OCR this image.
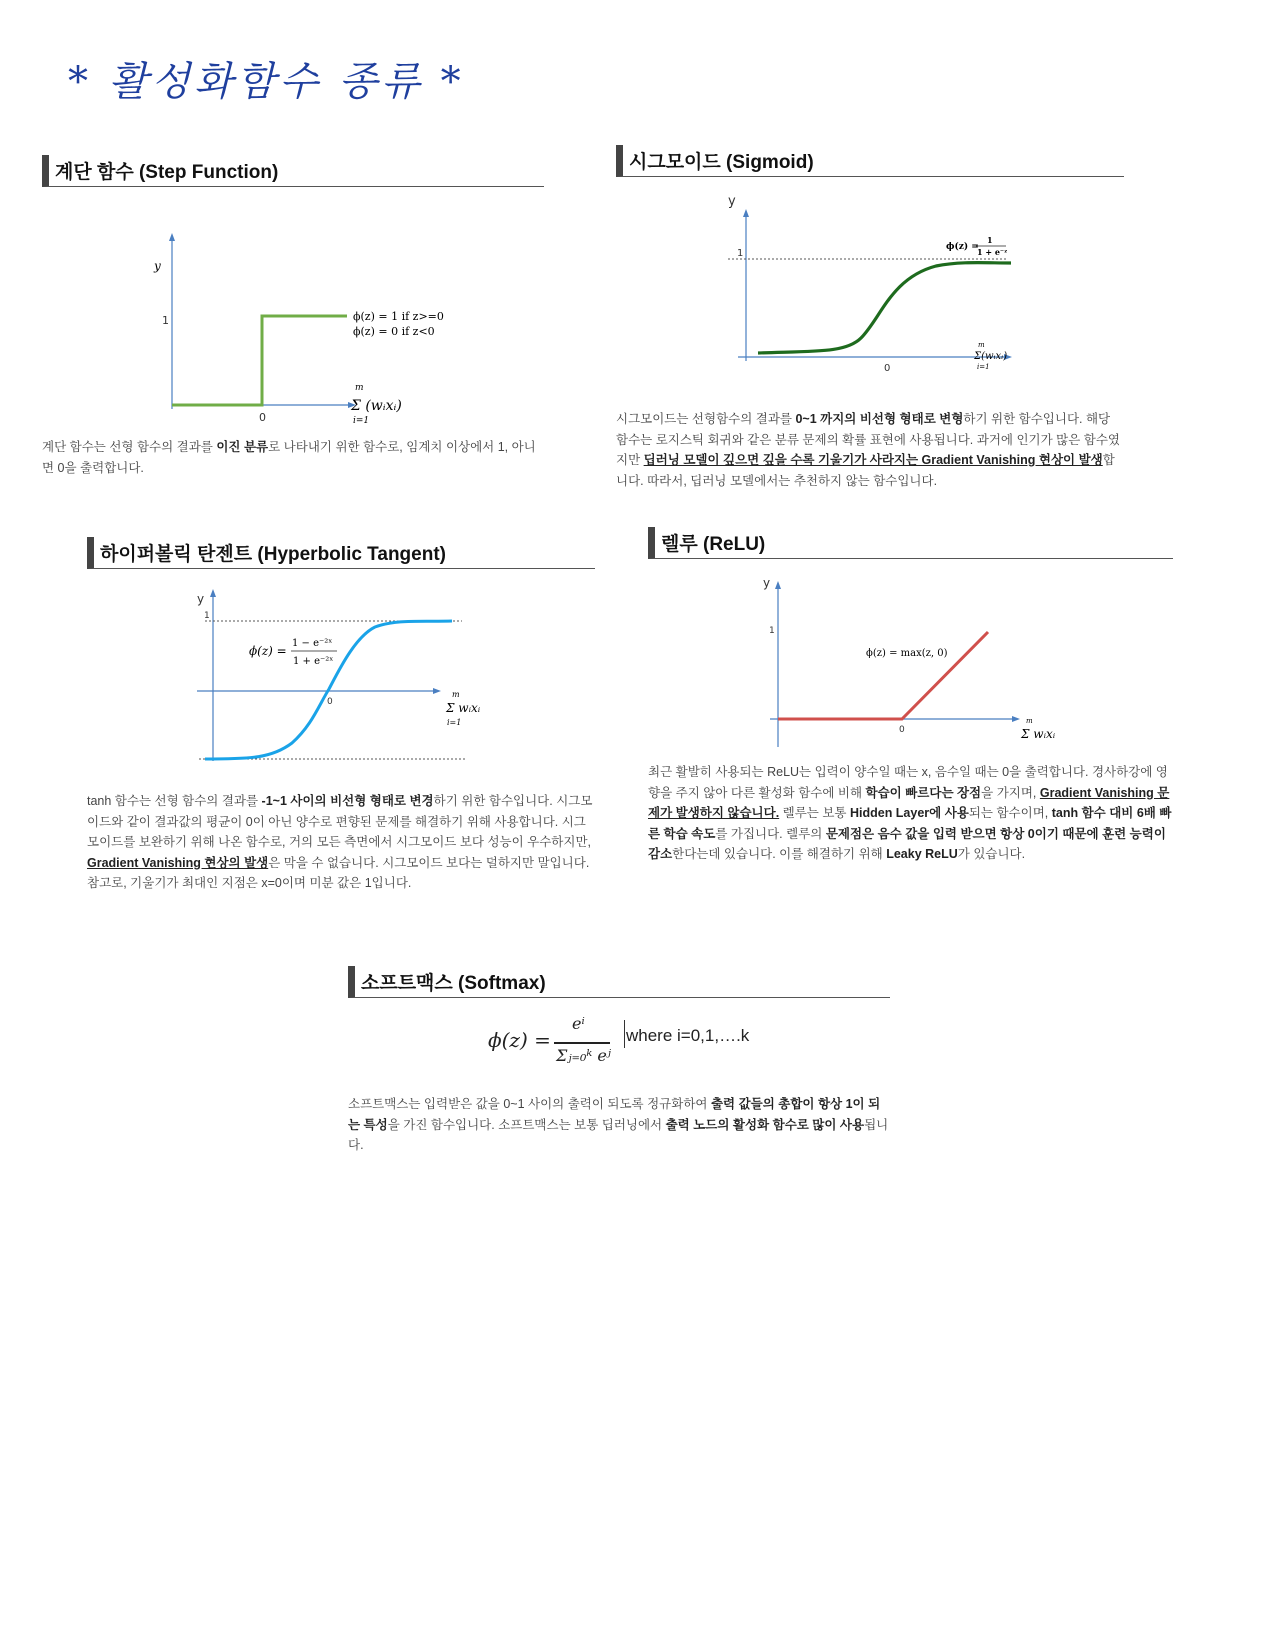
* 활성화함수 종류 *
계단 함수 (Step Function)
y
1
0
ϕ(z) = 1 if z>=0
ϕ(z) = 0 if z<0
m
Σ (wᵢxᵢ)
i=1

계단 함수는 선형 함수의 결과를 이진 분류로 나타내기 위한 함수로, 임계치 이상에서 1, 아니면 0을 출력합니다.

시그모이드 (Sigmoid)
y
1
0
ϕ(z) =
1
1 + e⁻ᶻ
m
Σ(wᵢxᵢ)
i=1

시그모이드는 선형함수의 결과를 0~1 까지의 비선형 형태로 변형하기 위한 함수입니다. 해당 함수는 로지스틱 회귀와 같은 분류 문제의 확률 표현에 사용됩니다. 과거에 인기가 많은 함수였지만 딥러닝 모델이 깊으면 깊을 수록 기울기가 사라지는 Gradient Vanishing 현상이 발생합니다. 따라서, 딥러닝 모델에서는 추천하지 않는 함수입니다.

하이퍼볼릭 탄젠트 (Hyperbolic Tangent)
y
1
0
ϕ(z) =
1 − e⁻²ˣ
1 + e⁻²ˣ
m
Σ wᵢxᵢ
i=1

tanh 함수는 선형 함수의 결과를 -1~1 사이의 비선형 형태로 변경하기 위한 함수입니다. 시그모이드와 같이 결과값의 평균이 0이 아닌 양수로 편향된 문제를 해결하기 위해 사용합니다. 시그모이드를 보완하기 위해 나온 함수로, 거의 모든 측면에서 시그모이드 보다 성능이 우수하지만, Gradient Vanishing 현상의 발생은 막을 수 없습니다. 시그모이드 보다는 덜하지만 말입니다. 참고로, 기울기가 최대인 지점은 x=0이며 미분 값은 1입니다.

렐루 (ReLU)
y
1
0
ϕ(z) = max(z, 0)
m
Σ wᵢxᵢ

최근 활발히 사용되는 ReLU는 입력이 양수일 때는 x, 음수일 때는 0을 출력합니다. 경사하강에 영향을 주지 않아 다른 활성화 함수에 비해 학습이 빠르다는 장점을 가지며, Gradient Vanishing 문제가 발생하지 않습니다. 렐루는 보통 Hidden Layer에 사용되는 함수이며, tanh 함수 대비 6배 빠른 학습 속도를 가집니다. 렐루의 문제점은 음수 값을 입력 받으면 항상 0이기 때문에 훈련 능력이 감소한다는데 있습니다. 이를 해결하기 위해 Leaky ReLU가 있습니다.

소프트맥스 (Softmax)
ϕ(z) =
eⁱ
Σⱼ₌₀ᵏ eʲ
where i=0,1,….k

소프트맥스는 입력받은 값을 0~1 사이의 출력이 되도록 정규화하여 출력 값들의 총합이 항상 1이 되는 특성을 가진 함수입니다. 소프트맥스는 보통 딥러닝에서 출력 노드의 활성화 함수로 많이 사용됩니다.
